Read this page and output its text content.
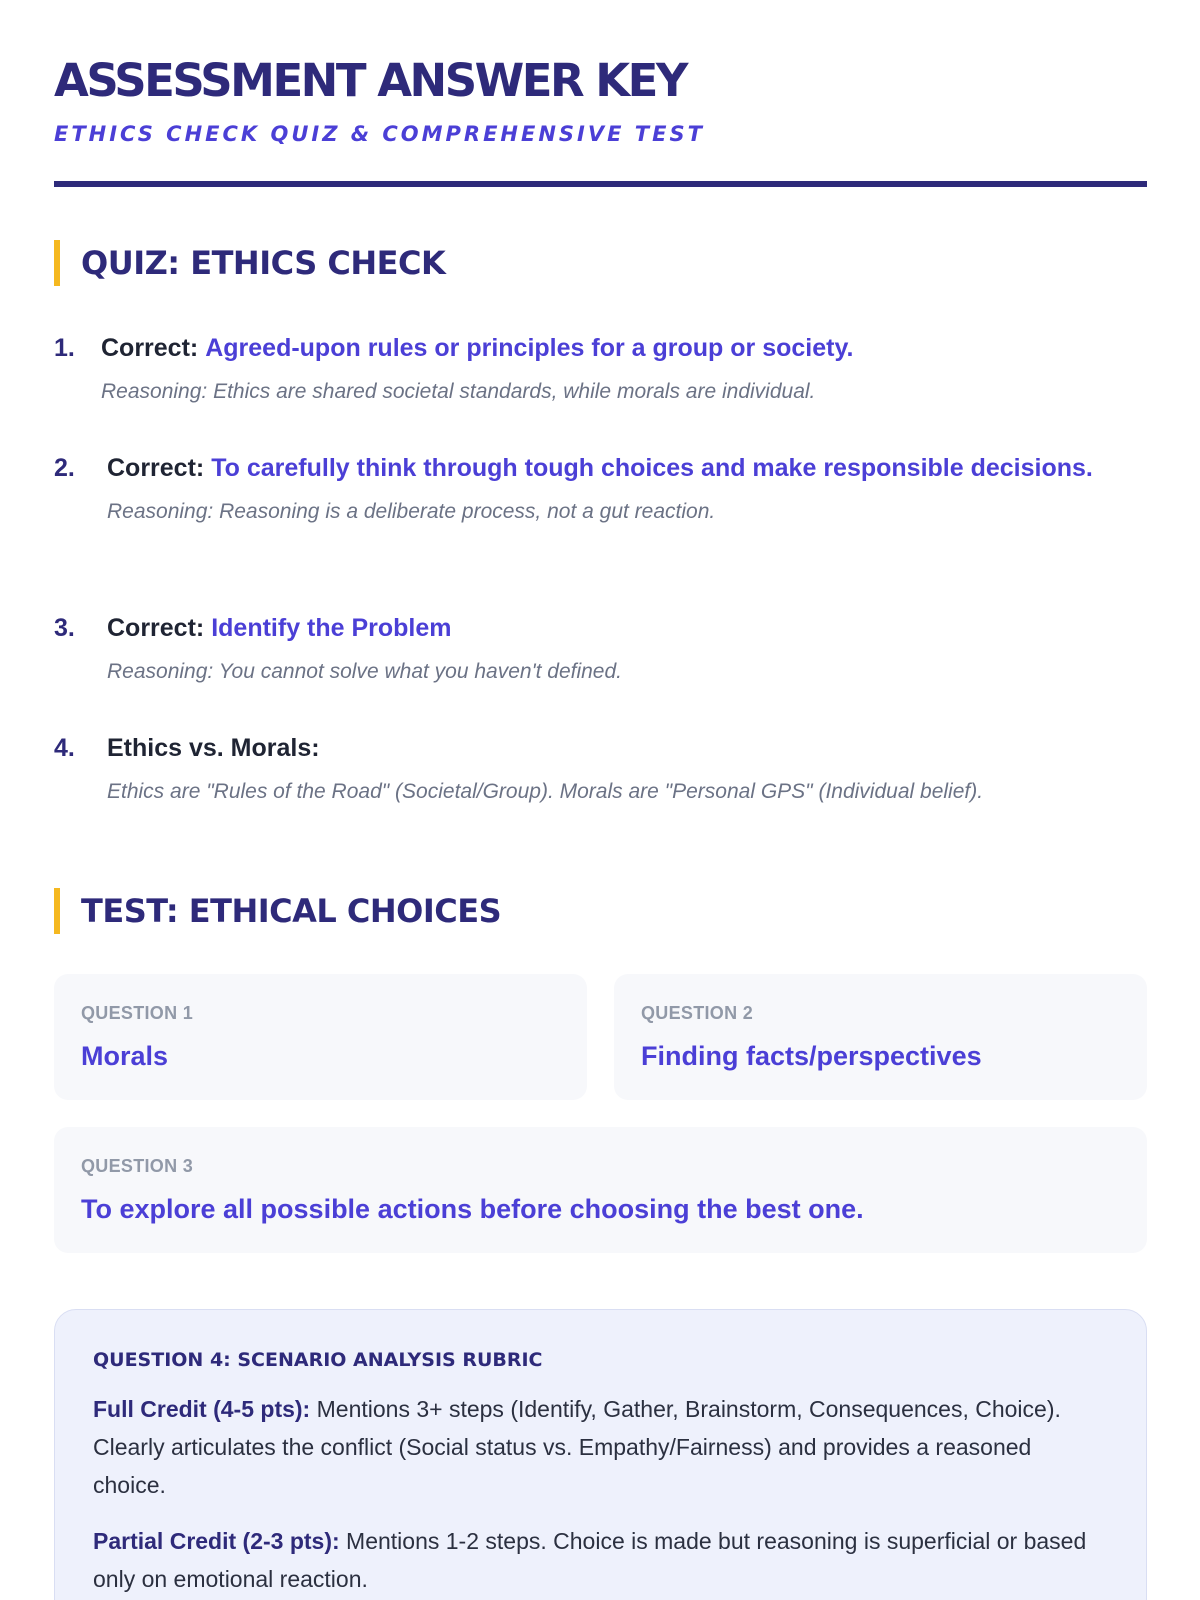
ASSESSMENT ANSWER KEY
ETHICS CHECK QUIZ & COMPREHENSIVE TEST
QUIZ: ETHICS CHECK
1. Correct: Agreed-upon rules or principles for a group or society.
Reasoning: Ethics are shared societal standards, while morals are individual.
2. Correct: To carefully think through tough choices and make responsible decisions.
Reasoning: Reasoning is a deliberate process, not a gut reaction.
3. Correct: Identify the Problem
Reasoning: You cannot solve what you haven't defined.
4. Ethics vs. Morals:
Ethics are "Rules of the Road" (Societal/Group). Morals are "Personal GPS" (Individual belief).
TEST: ETHICAL CHOICES
QUESTION 1
Morals
QUESTION 2
Finding facts/perspectives
QUESTION 3
To explore all possible actions before choosing the best one.
QUESTION 4: SCENARIO ANALYSIS RUBRIC

Full Credit (4-5 pts): Mentions 3+ steps (Identify, Gather, Brainstorm, Consequences, Choice). Clearly articulates the conflict (Social status vs. Empathy/Fairness) and provides a reasoned choice.

Partial Credit (2-3 pts): Mentions 1-2 steps. Choice is made but reasoning is superficial or based only on emotional reaction.
